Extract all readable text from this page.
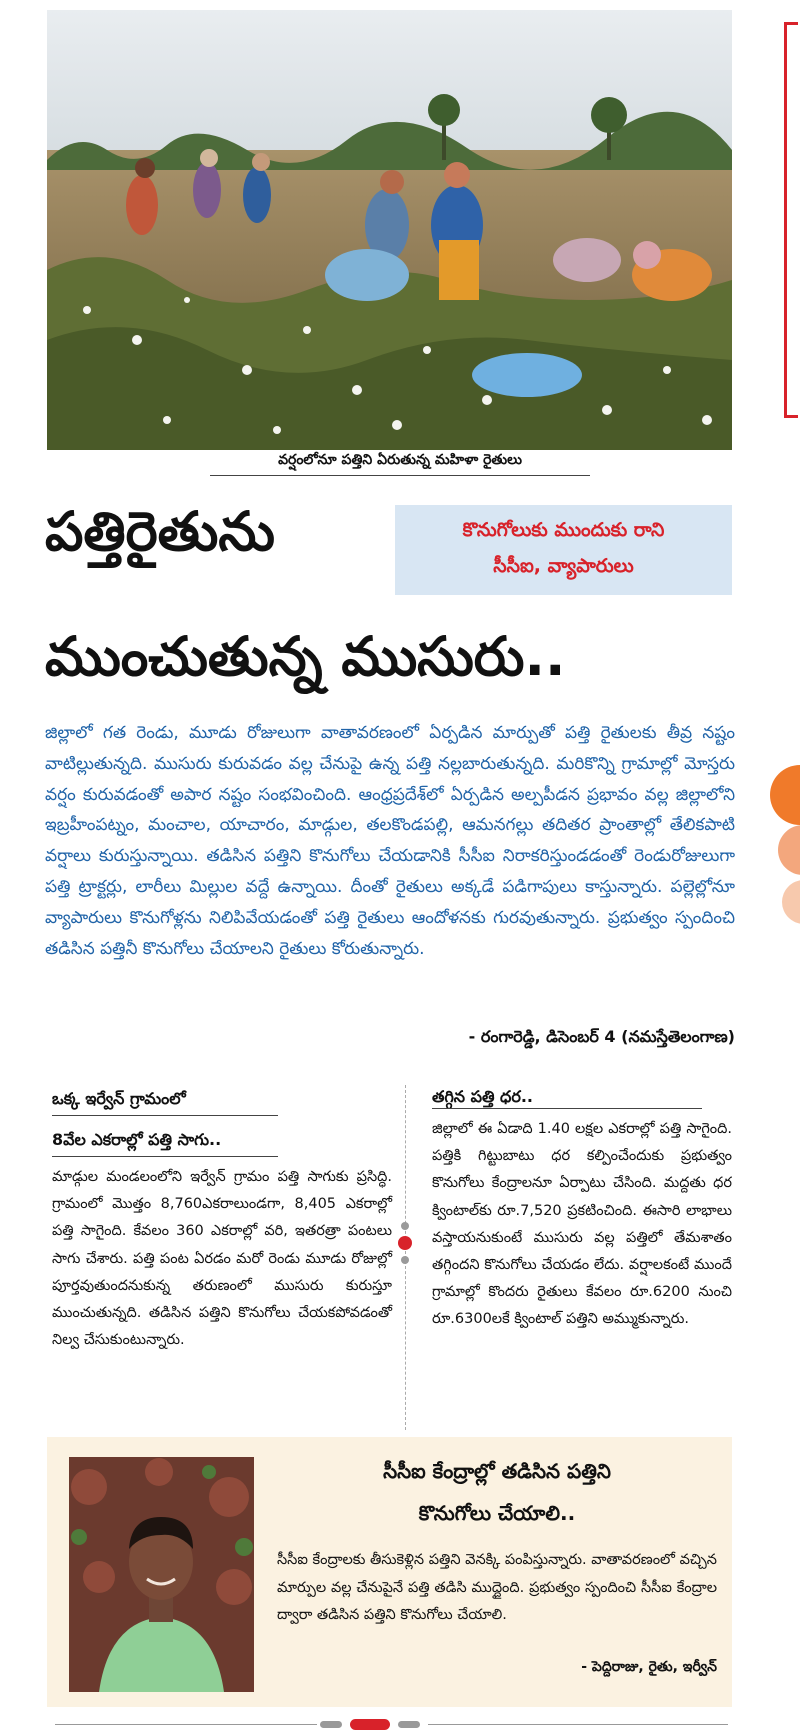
వర్షంలోనూ పత్తిని ఏరుతున్న మహిళా రైతులు
పత్తిరైతును	కొనుగోలుకు ముందుకు రాని
సీసీఐ, వ్యాపారులు
ముంచుతున్న ముసురు..

జిల్లాలో గత రెండు, మూడు రోజులుగా వాతావరణంలో ఏర్పడిన మార్పుతో పత్తి రైతులకు తీవ్ర నష్టం వాటిల్లుతున్నది. ముసురు కురువడం వల్ల చేనుపై ఉన్న పత్తి నల్లబారుతున్నది. మరికొన్ని గ్రామాల్లో మోస్తరు వర్షం కురువడంతో అపార నష్టం సంభవించింది. ఆంధ్రప్రదేశ్‌లో ఏర్పడిన అల్పపీడన ప్రభావం వల్ల జిల్లాలోని ఇబ్రహీంపట్నం, మంచాల, యాచారం, మాడ్గుల, తలకొండపల్లి, ఆమనగల్లు తదితర ప్రాంతాల్లో తేలికపాటి వర్షాలు కురుస్తున్నాయి. తడిసిన పత్తిని కొనుగోలు చేయడానికి సీసీఐ నిరాకరిస్తుండడంతో రెండురోజులుగా పత్తి ట్రాక్టర్లు, లారీలు మిల్లుల వద్దే ఉన్నాయి. దీంతో రైతులు అక్కడే పడిగాపులు కాస్తున్నారు. పల్లెల్లోనూ వ్యాపారులు కొనుగోళ్లను నిలిపివేయడంతో పత్తి రైతులు ఆందోళనకు గురవుతున్నారు. ప్రభుత్వం స్పందించి తడిసిన పత్తినీ కొనుగోలు చేయాలని రైతులు కోరుతున్నారు.

- రంగారెడ్డి, డిసెంబర్ 4 (నమస్తేతెలంగాణ)
ఒక్క ఇర్వేన్ గ్రామంలో
8వేల ఎకరాల్లో పత్తి సాగు..

మాడ్గుల మండలంలోని ఇర్వేన్ గ్రామం పత్తి సాగుకు ప్రసిద్ధి. గ్రామంలో మొత్తం 8,760ఎకరాలుండగా, 8,405 ఎకరాల్లో పత్తి సాగైంది. కేవలం 360 ఎకరాల్లో వరి, ఇతరత్రా పంటలు సాగు చేశారు. పత్తి పంట ఏరడం మరో రెండు మూడు రోజుల్లో పూర్తవుతుందనుకున్న తరుణంలో ముసురు కురుస్తూ ముంచుతున్నది. తడిసిన పత్తిని కొనుగోలు చేయకపోవడంతో నిల్వ చేసుకుంటున్నారు.

తగ్గిన పత్తి ధర..

జిల్లాలో ఈ ఏడాది 1.40 లక్షల ఎకరాల్లో పత్తి సాగైంది. పత్తికి గిట్టుబాటు ధర కల్పించేందుకు ప్రభుత్వం కొనుగోలు కేంద్రాలనూ ఏర్పాటు చేసింది. మద్దతు ధర క్వింటాల్‌కు రూ.7,520 ప్రకటించింది. ఈసారి లాభాలు వస్తాయనుకుంటే ముసురు వల్ల పత్తిలో తేమశాతం తగ్గిందని కొనుగోలు చేయడం లేదు. వర్షాలకంటే ముందే గ్రామాల్లో కొందరు రైతులు కేవలం రూ.6200 నుంచి రూ.6300లకే క్వింటాల్ పత్తిని అమ్ముకున్నారు.

సీసీఐ కేంద్రాల్లో తడిసిన పత్తిని
కొనుగోలు చేయాలి..

సీసీఐ కేంద్రాలకు తీసుకెళ్లిన పత్తిని వెనక్కి పంపిస్తున్నారు. వాతావరణంలో వచ్చిన మార్పుల వల్ల చేనుపైనే పత్తి తడిసి ముద్దైంది. ప్రభుత్వం స్పందించి సీసీఐ కేంద్రాల ద్వారా తడిసిన పత్తిని కొనుగోలు చేయాలి.

- పెద్దిరాజు, రైతు, ఇర్వీన్
